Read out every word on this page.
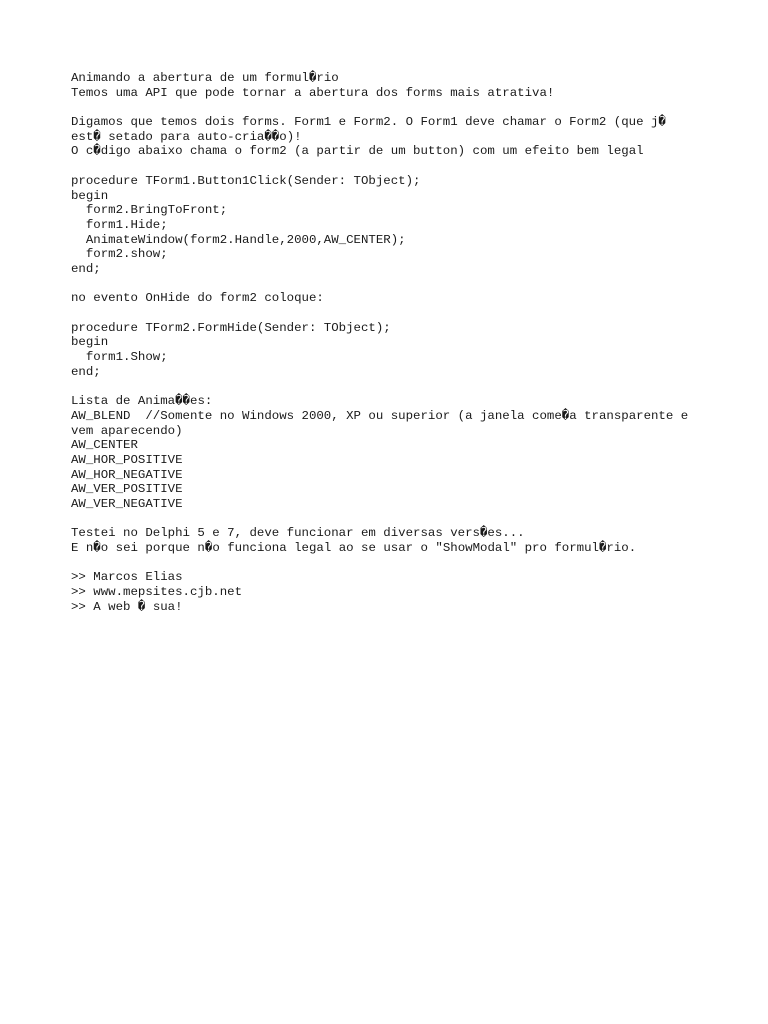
Animando a abertura de um formul�rio
Temos uma API que pode tornar a abertura dos forms mais atrativa!
Digamos que temos dois forms. Form1 e Form2. O Form1 deve chamar o Form2 (que j�
est� setado para auto-cria��o)!
O c�digo abaixo chama o form2 (a partir de um button) com um efeito bem legal
procedure TForm1.Button1Click(Sender: TObject);
begin
form2.BringToFront;
form1.Hide;
AnimateWindow(form2.Handle,2000,AW_CENTER);
form2.show;
end;
no evento OnHide do form2 coloque:
procedure TForm2.FormHide(Sender: TObject);
begin
form1.Show;
end;
Lista de Anima��es:
AW_BLEND  //Somente no Windows 2000, XP ou superior (a janela come�a transparente e
vem aparecendo)
AW_CENTER
AW_HOR_POSITIVE
AW_HOR_NEGATIVE
AW_VER_POSITIVE
AW_VER_NEGATIVE
Testei no Delphi 5 e 7, deve funcionar em diversas vers�es...
E n�o sei porque n�o funciona legal ao se usar o "ShowModal" pro formul�rio.
>> Marcos Elias
>> www.mepsites.cjb.net
>> A web � sua!
